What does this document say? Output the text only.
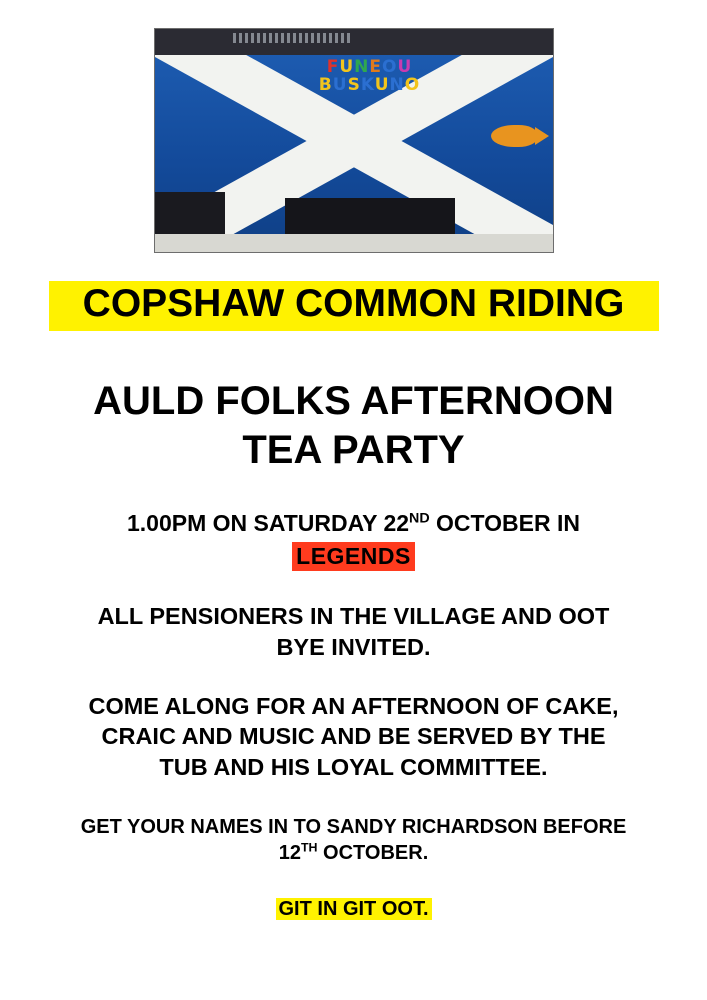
FUNEOU
BUSKUNO
COPSHAW COMMON RIDING
AULD FOLKS AFTERNOON
TEA PARTY
1.00PM ON SATURDAY 22ND OCTOBER IN
LEGENDS
ALL PENSIONERS IN THE VILLAGE AND OOT
BYE INVITED.
COME ALONG FOR AN AFTERNOON OF CAKE,
CRAIC AND MUSIC AND BE SERVED BY THE
TUB AND HIS LOYAL COMMITTEE.
GET YOUR NAMES IN TO SANDY RICHARDSON BEFORE
12TH OCTOBER.
GIT IN GIT OOT.
